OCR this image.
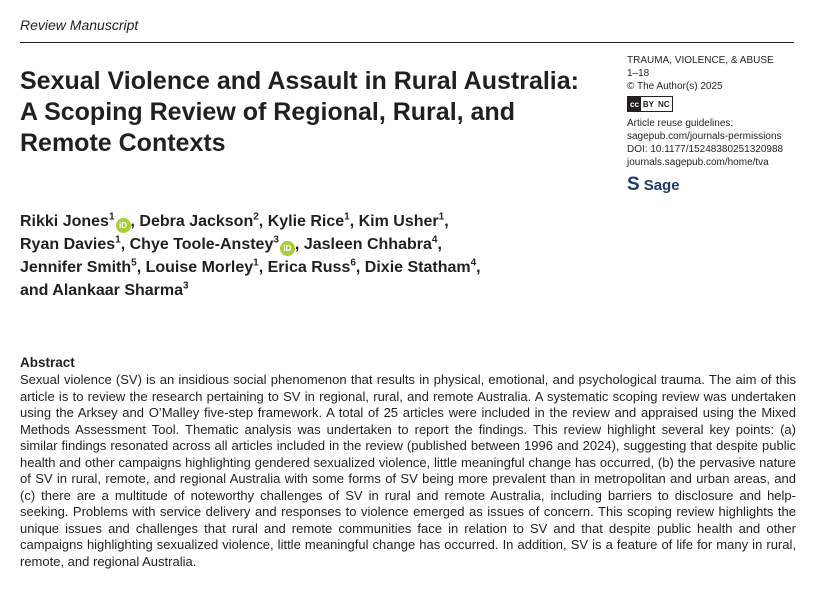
Review Manuscript
Sexual Violence and Assault in Rural Australia: A Scoping Review of Regional, Rural, and Remote Contexts
TRAUMA, VIOLENCE, & ABUSE
1–18
© The Author(s) 2025
cc BY NC
Article reuse guidelines:
sagepub.com/journals-permissions
DOI: 10.1177/15248380251320988
journals.sagepub.com/home/tva
S Sage
Rikki Jones$^1$iD , Debra Jackson$^2$, Kylie Rice$^1$, Kim Usher$^1$,
Ryan Davies$^1$, Chye Toole-Anstey$^3$iD , Jasleen Chhabra$^4$,
Jennifer Smith$^5$, Louise Morley$^1$, Erica Russ$^6$, Dixie Statham$^4$,
and Alankaar Sharma$^3$
Abstract

Sexual violence (SV) is an insidious social phenomenon that results in physical, emotional, and psychological trauma. The aim of this article is to review the research pertaining to SV in regional, rural, and remote Australia. A systematic scoping review was undertaken using the Arksey and O’Malley five-step framework. A total of 25 articles were included in the review and appraised using the Mixed Methods Assessment Tool. Thematic analysis was undertaken to report the findings. This review highlight several key points: (a) similar findings resonated across all articles included in the review (published between 1996 and 2024), suggesting that despite public health and other campaigns highlighting gendered sexualized violence, little meaningful change has occurred, (b) the pervasive nature of SV in rural, remote, and regional Australia with some forms of SV being more prevalent than in metropolitan and urban areas, and (c) there are a multitude of noteworthy challenges of SV in rural and remote Australia, including barriers to disclosure and help-seeking. Problems with service delivery and responses to violence emerged as issues of concern. This scoping review highlights the unique issues and challenges that rural and remote communities face in relation to SV and that despite public health and other campaigns highlighting sexualized violence, little meaningful change has occurred. In addition, SV is a feature of life for many in rural, remote, and regional Australia.
